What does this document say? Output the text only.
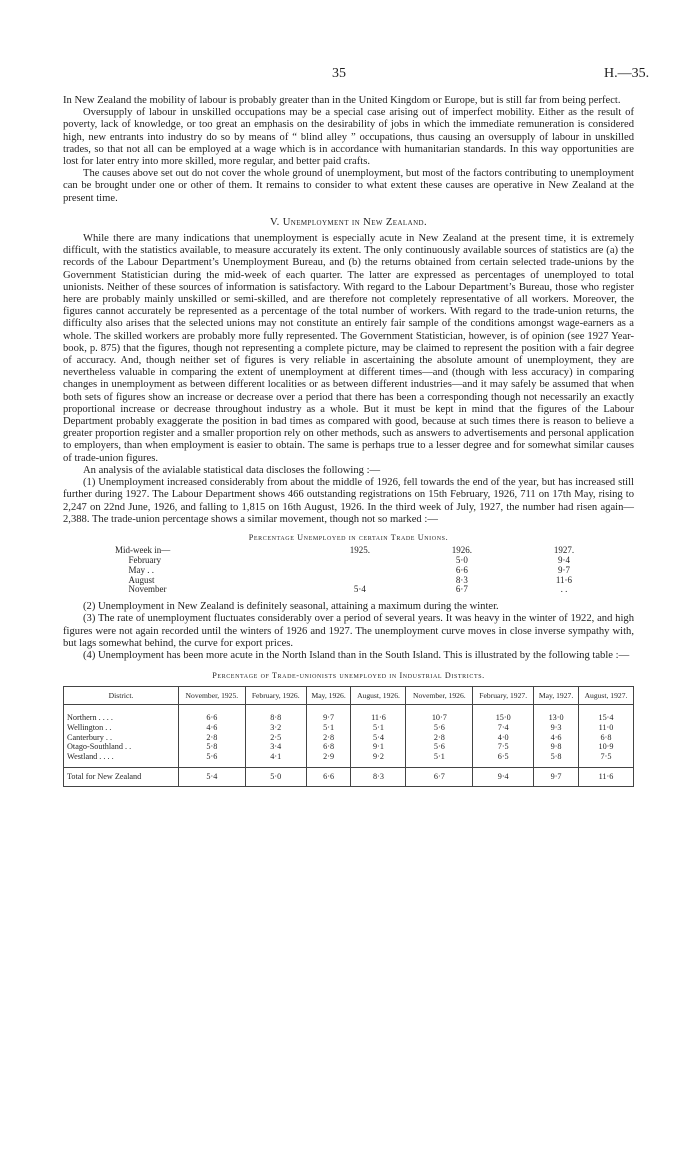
35	H.—35.

In New Zealand the mobility of labour is probably greater than in the United Kingdom or Europe, but is still far from being perfect.

Oversupply of labour in unskilled occupations may be a special case arising out of imperfect mobility. Either as the result of poverty, lack of knowledge, or too great an emphasis on the desirability of jobs in which the immediate remuneration is considered high, new entrants into industry do so by means of “ blind alley ” occupations, thus causing an oversupply of labour in unskilled trades, so that not all can be employed at a wage which is in accordance with humanitarian standards. In this way opportunities are lost for later entry into more skilled, more regular, and better paid crafts.

The causes above set out do not cover the whole ground of unemployment, but most of the factors contributing to unemployment can be brought under one or other of them. It remains to consider to what extent these causes are operative in New Zealand at the present time.

V. Unemployment in New Zealand.

While there are many indications that unemployment is especially acute in New Zealand at the present time, it is extremely difficult, with the statistics available, to measure accurately its extent. The only continuously available sources of statistics are (a) the records of the Labour Department’s Unemployment Bureau, and (b) the returns obtained from certain selected trade-unions by the Government Statistician during the mid-week of each quarter. The latter are expressed as percentages of unemployed to total unionists. Neither of these sources of information is satisfactory. With regard to the Labour Department’s Bureau, those who register here are probably mainly unskilled or semi-skilled, and are therefore not completely representative of all workers. Moreover, the figures cannot accurately be represented as a percentage of the total number of workers. With regard to the trade-union returns, the difficulty also arises that the selected unions may not constitute an entirely fair sample of the conditions amongst wage-earners as a whole. The skilled workers are probably more fully represented. The Government Statistician, however, is of opinion (see 1927 Year-book, p. 875) that the figures, though not representing a complete picture, may be claimed to represent the position with a fair degree of accuracy. And, though neither set of figures is very reliable in ascertaining the absolute amount of unemployment, they are nevertheless valuable in comparing the extent of unemployment at different times—and (though with less accuracy) in comparing changes in unemployment as between different localities or as between different industries—and it may safely be assumed that when both sets of figures show an increase or decrease over a period that there has been a corresponding though not necessarily an exactly proportional increase or decrease throughout industry as a whole. But it must be kept in mind that the figures of the Labour Department probably exaggerate the position in bad times as compared with good, because at such times there is reason to believe a greater proportion register and a smaller proportion rely on other methods, such as answers to advertisements and personal application to employers, than when employment is easier to obtain. The same is perhaps true to a lesser degree and for somewhat similar causes of trade-union figures.

An analysis of the avialable statistical data discloses the following :—

(1) Unemployment increased considerably from about the middle of 1926, fell towards the end of the year, but has increased still further during 1927. The Labour Department shows 466 outstanding registrations on 15th February, 1926, 711 on 17th May, rising to 2,247 on 22nd June, 1926, and falling to 1,815 on 16th August, 1926. In the third week of July, 1927, the number had risen again—2,388. The trade-union percentage shows a similar movement, though not so marked :—

Percentage Unemployed in certain Trade Unions.
Mid-week in—	1925.	1926.	1927.
February		5·0	9·4
May . .		6·6	9·7
August		8·3	11·6
November	5·4	6·7	. .

(2) Unemployment in New Zealand is definitely seasonal, attaining a maximum during the winter.

(3) The rate of unemployment fluctuates considerably over a period of several years. It was heavy in the winter of 1922, and high figures were not again recorded until the winters of 1926 and 1927. The unemployment curve moves in close inverse sympathy with, but lags somewhat behind, the curve for export prices.

(4) Unemployment has been more acute in the North Island than in the South Island. This is illustrated by the following table :—

Percentage of Trade-unionists unemployed in Industrial Districts.
District.	November, 1925.	February, 1926.	May, 1926.	August, 1926.	November, 1926.	February, 1927.	May, 1927.	August, 1927.
Northern . . . .	6·6	8·8	9·7	11·6	10·7	15·0	13·0	15·4
Wellington . .	4·6	3·2	5·1	5·1	5·6	7·4	9·3	11·0
Canterbury . .	2·8	2·5	2·8	5·4	2·8	4·0	4·6	6·8
Otago-Southland . .	5·8	3·4	6·8	9·1	5·6	7·5	9·8	10·9
Westland . . . .	5·6	4·1	2·9	9·2	5·1	6·5	5·8	7·5
Total for New Zealand	5·4	5·0	6·6	8·3	6·7	9·4	9·7	11·6
